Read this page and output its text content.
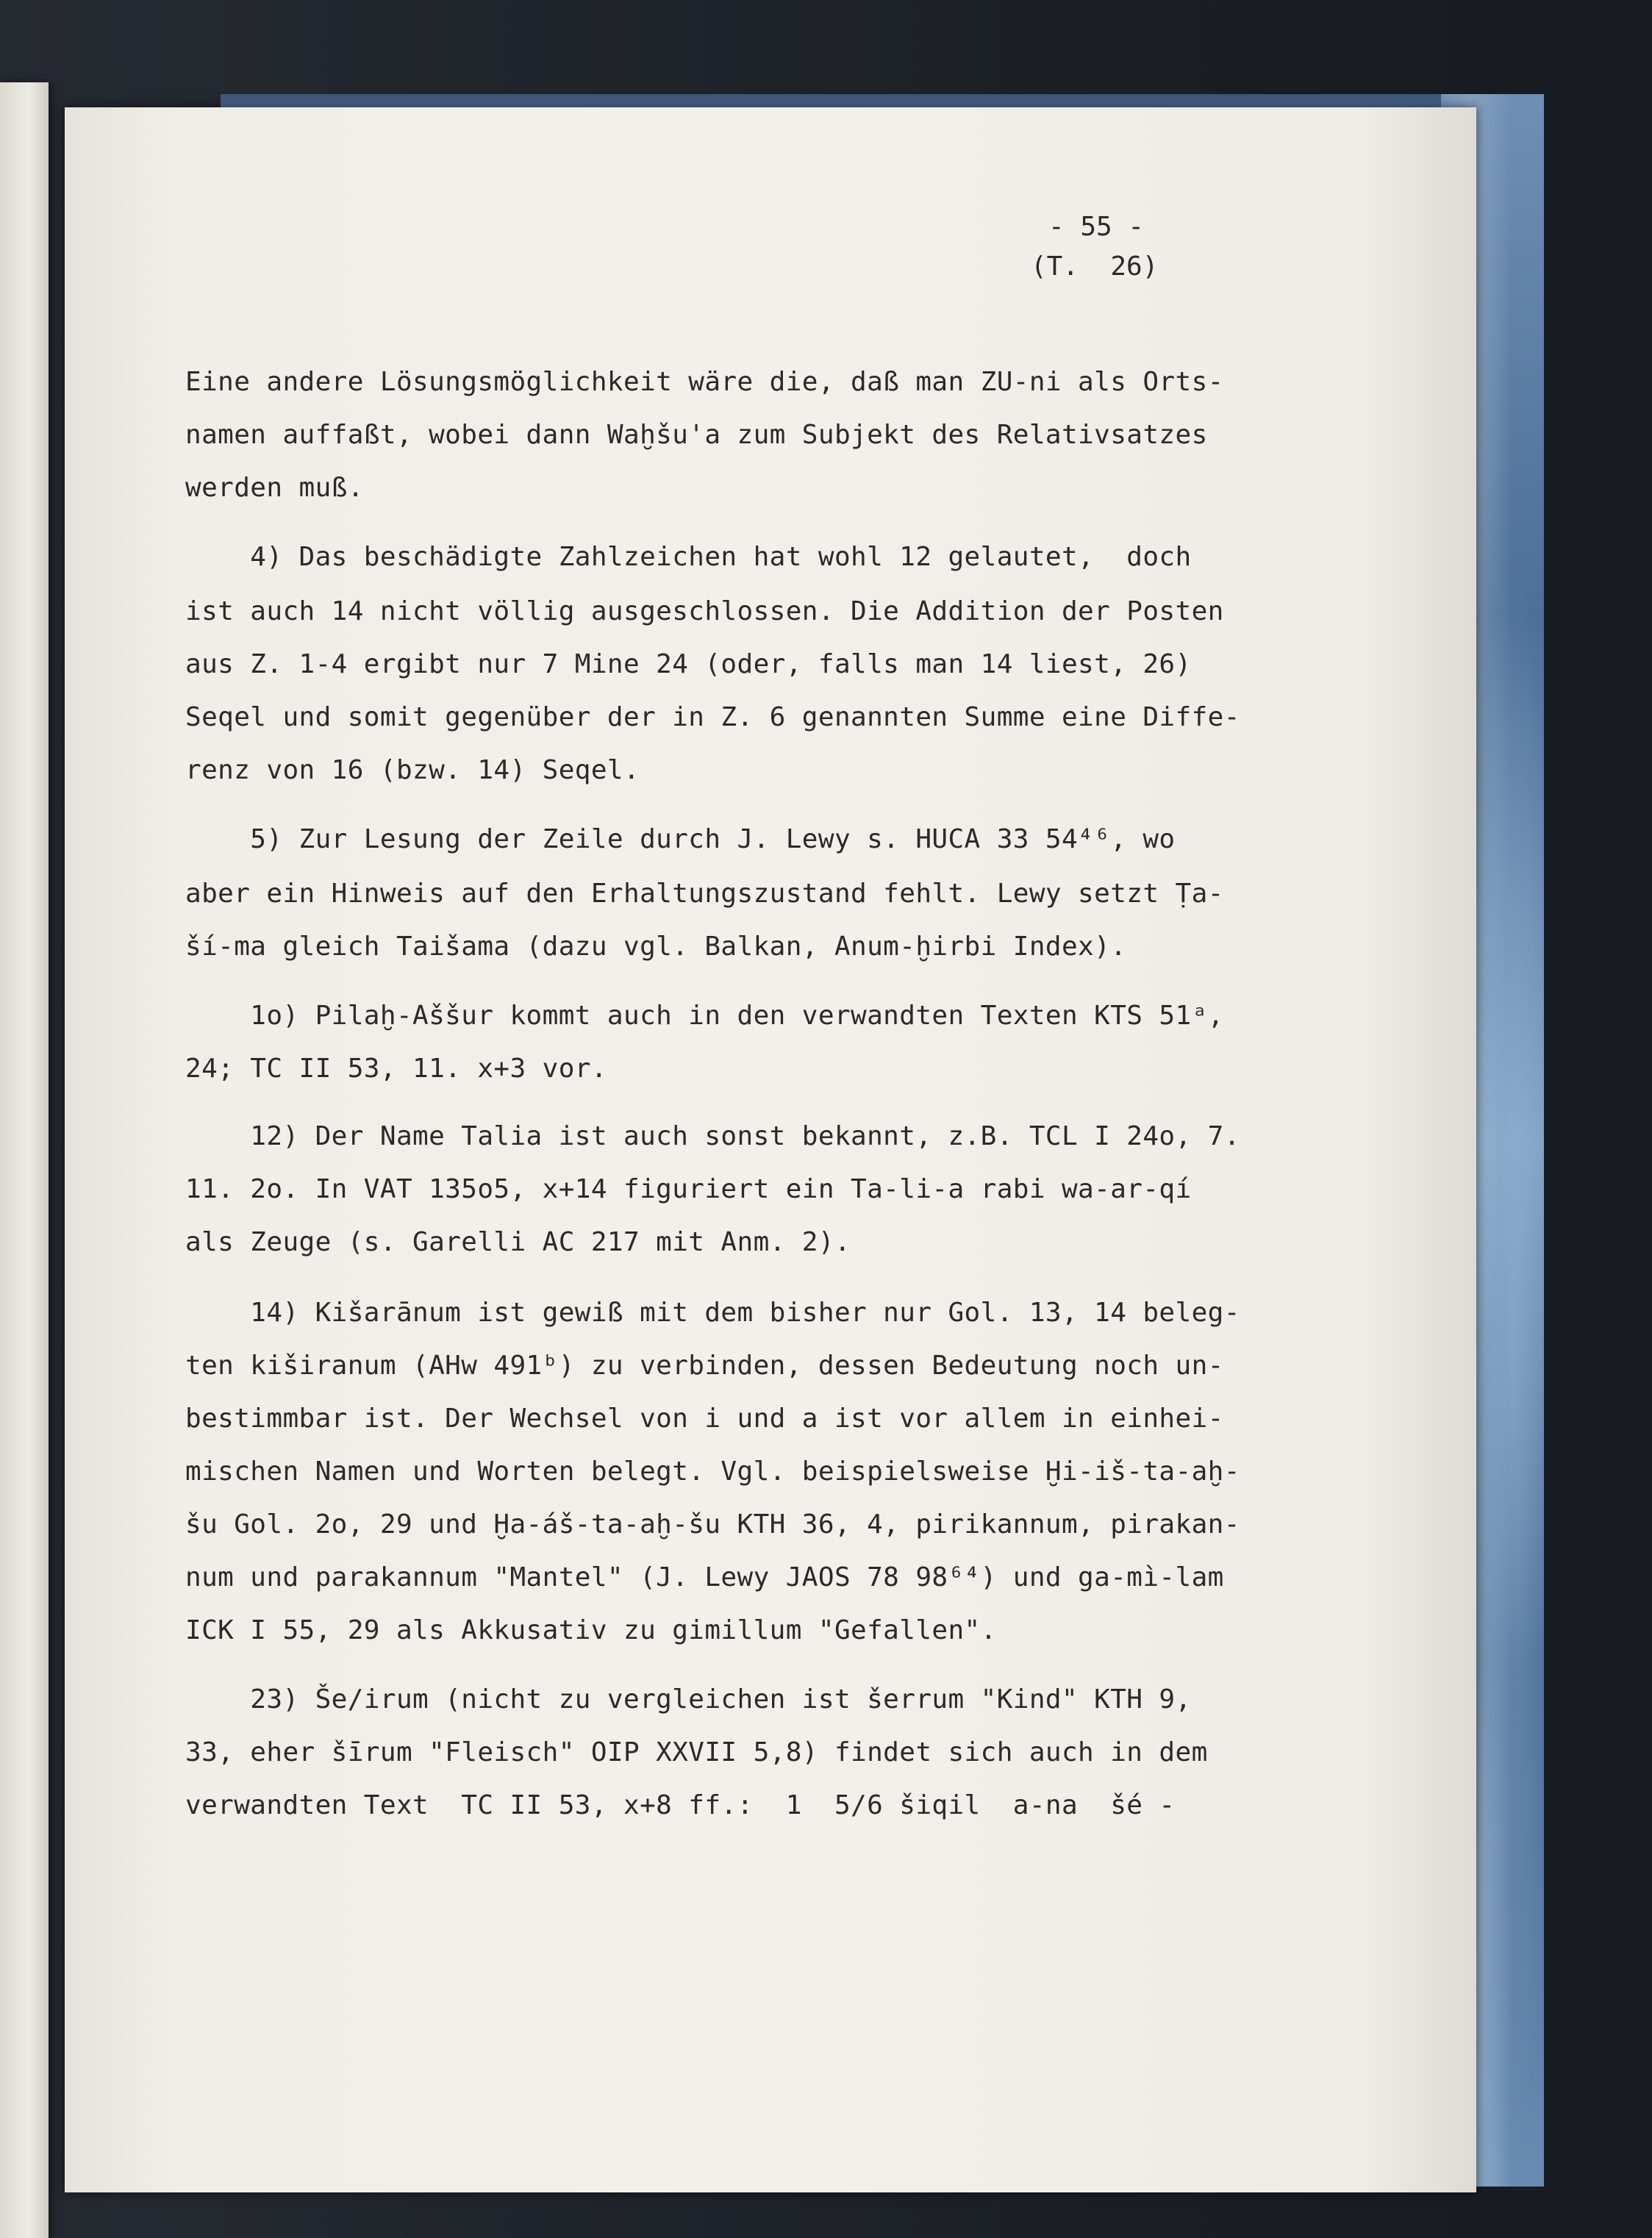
- 55 -
(T.  26)

Eine andere Lösungsmöglichkeit wäre die, daß man ZU-ni als Orts-

namen auffaßt, wobei dann Waḫšu'a zum Subjekt des Relativsatzes

werden muß.

4) Das beschädigte Zahlzeichen hat wohl 12 gelautet,  doch

ist auch 14 nicht völlig ausgeschlossen. Die Addition der Posten

aus Z. 1-4 ergibt nur 7 Mine 24 (oder, falls man 14 liest, 26)

Seqel und somit gegenüber der in Z. 6 genannten Summe eine Diffe-

renz von 16 (bzw. 14) Seqel.

5) Zur Lesung der Zeile durch J. Lewy s. HUCA 33 54⁴⁶, wo

aber ein Hinweis auf den Erhaltungszustand fehlt. Lewy setzt Ṭa-

ší-ma gleich Taišama (dazu vgl. Balkan, Anum-ḫirbi Index).

1o) Pilaḫ-Aššur kommt auch in den verwandten Texten KTS 51ᵃ,

24; TC II 53, 11. x+3 vor.

12) Der Name Talia ist auch sonst bekannt, z.B. TCL I 24o, 7.

11. 2o. In VAT 135o5, x+14 figuriert ein Ta-li-a rabi wa-ar-qí

als Zeuge (s. Garelli AC 217 mit Anm. 2).

14) Kišarānum ist gewiß mit dem bisher nur Gol. 13, 14 beleg-

ten kiširanum (AHw 491ᵇ) zu verbinden, dessen Bedeutung noch un-

bestimmbar ist. Der Wechsel von i und a ist vor allem in einhei-

mischen Namen und Worten belegt. Vgl. beispielsweise Ḫi-iš-ta-aḫ-

šu Gol. 2o, 29 und Ḫa-áš-ta-aḫ-šu KTH 36, 4, pirikannum, pirakan-

num und parakannum "Mantel" (J. Lewy JAOS 78 98⁶⁴) und ga-mì-lam

ICK I 55, 29 als Akkusativ zu gimillum "Gefallen".

23) Še/irum (nicht zu vergleichen ist šerrum "Kind" KTH 9,

33, eher šīrum "Fleisch" OIP XXVII 5,8) findet sich auch in dem

verwandten Text  TC II 53, x+8 ff.:  1  5/6 šiqil  a-na  šé -
